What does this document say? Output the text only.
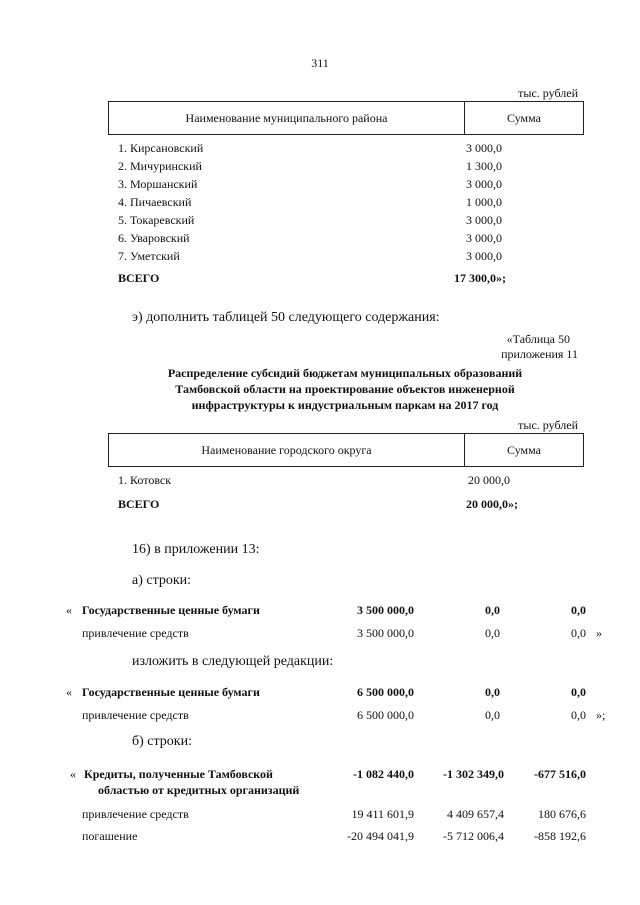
311
тыс. рублей
Наименование муниципального района	Сумма
1. Кирсановский	3 000,0
2. Мичуринский	1 300,0
3. Моршанский	3 000,0
4. Пичаевский	1 000,0
5. Токаревский	3 000,0
6. Уваровский	3 000,0
7. Уметский	3 000,0
ВСЕГО	17 300,0»;
э) дополнить таблицей 50 следующего содержания:
«Таблица 50
приложения 11
Распределение субсидий бюджетам муниципальных образований
Тамбовской области на проектирование объектов инженерной
инфраструктуры к индустриальным паркам на 2017 год
тыс. рублей
Наименование городского округа	Сумма
1. Котовск	20 000,0
ВСЕГО	20 000,0»;
16) в приложении 13:
а) строки:
« Государственные ценные бумаги	3 500 000,0	0,0	0,0
привлечение средств	3 500 000,0	0,0	0,0 »
изложить в следующей редакции:
« Государственные ценные бумаги	6 500 000,0	0,0	0,0
привлечение средств	6 500 000,0	0,0	0,0 »;
б) строки:
« Кредиты, полученные Тамбовской
областью от кредитных организаций
-1 082 440,0	-1 302 349,0	-677 516,0
привлечение средств	19 411 601,9	4 409 657,4	180 676,6
погашение	-20 494 041,9	-5 712 006,4	-858 192,6
